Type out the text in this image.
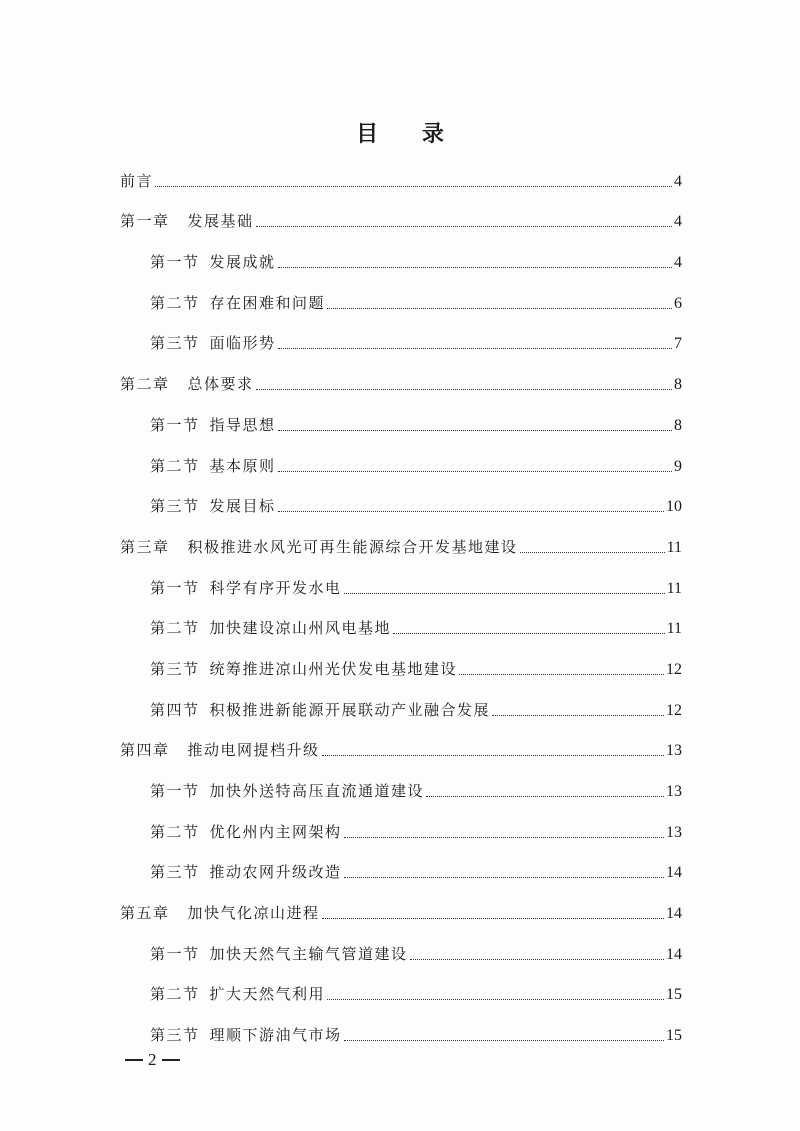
目 录
前言	4
第一章 发展基础	4
第一节 发展成就	4
第二节 存在困难和问题	6
第三节 面临形势	7
第二章 总体要求	8
第一节 指导思想	8
第二节 基本原则	9
第三节 发展目标	10
第三章 积极推进水风光可再生能源综合开发基地建设	11
第一节 科学有序开发水电	11
第二节 加快建设凉山州风电基地	11
第三节 统筹推进凉山州光伏发电基地建设	12
第四节 积极推进新能源开展联动产业融合发展	12
第四章 推动电网提档升级	13
第一节 加快外送特高压直流通道建设	13
第二节 优化州内主网架构	13
第三节 推动农网升级改造	14
第五章 加快气化凉山进程	14
第一节 加快天然气主输气管道建设	14
第二节 扩大天然气利用	15
第三节 理顺下游油气市场	15
2
